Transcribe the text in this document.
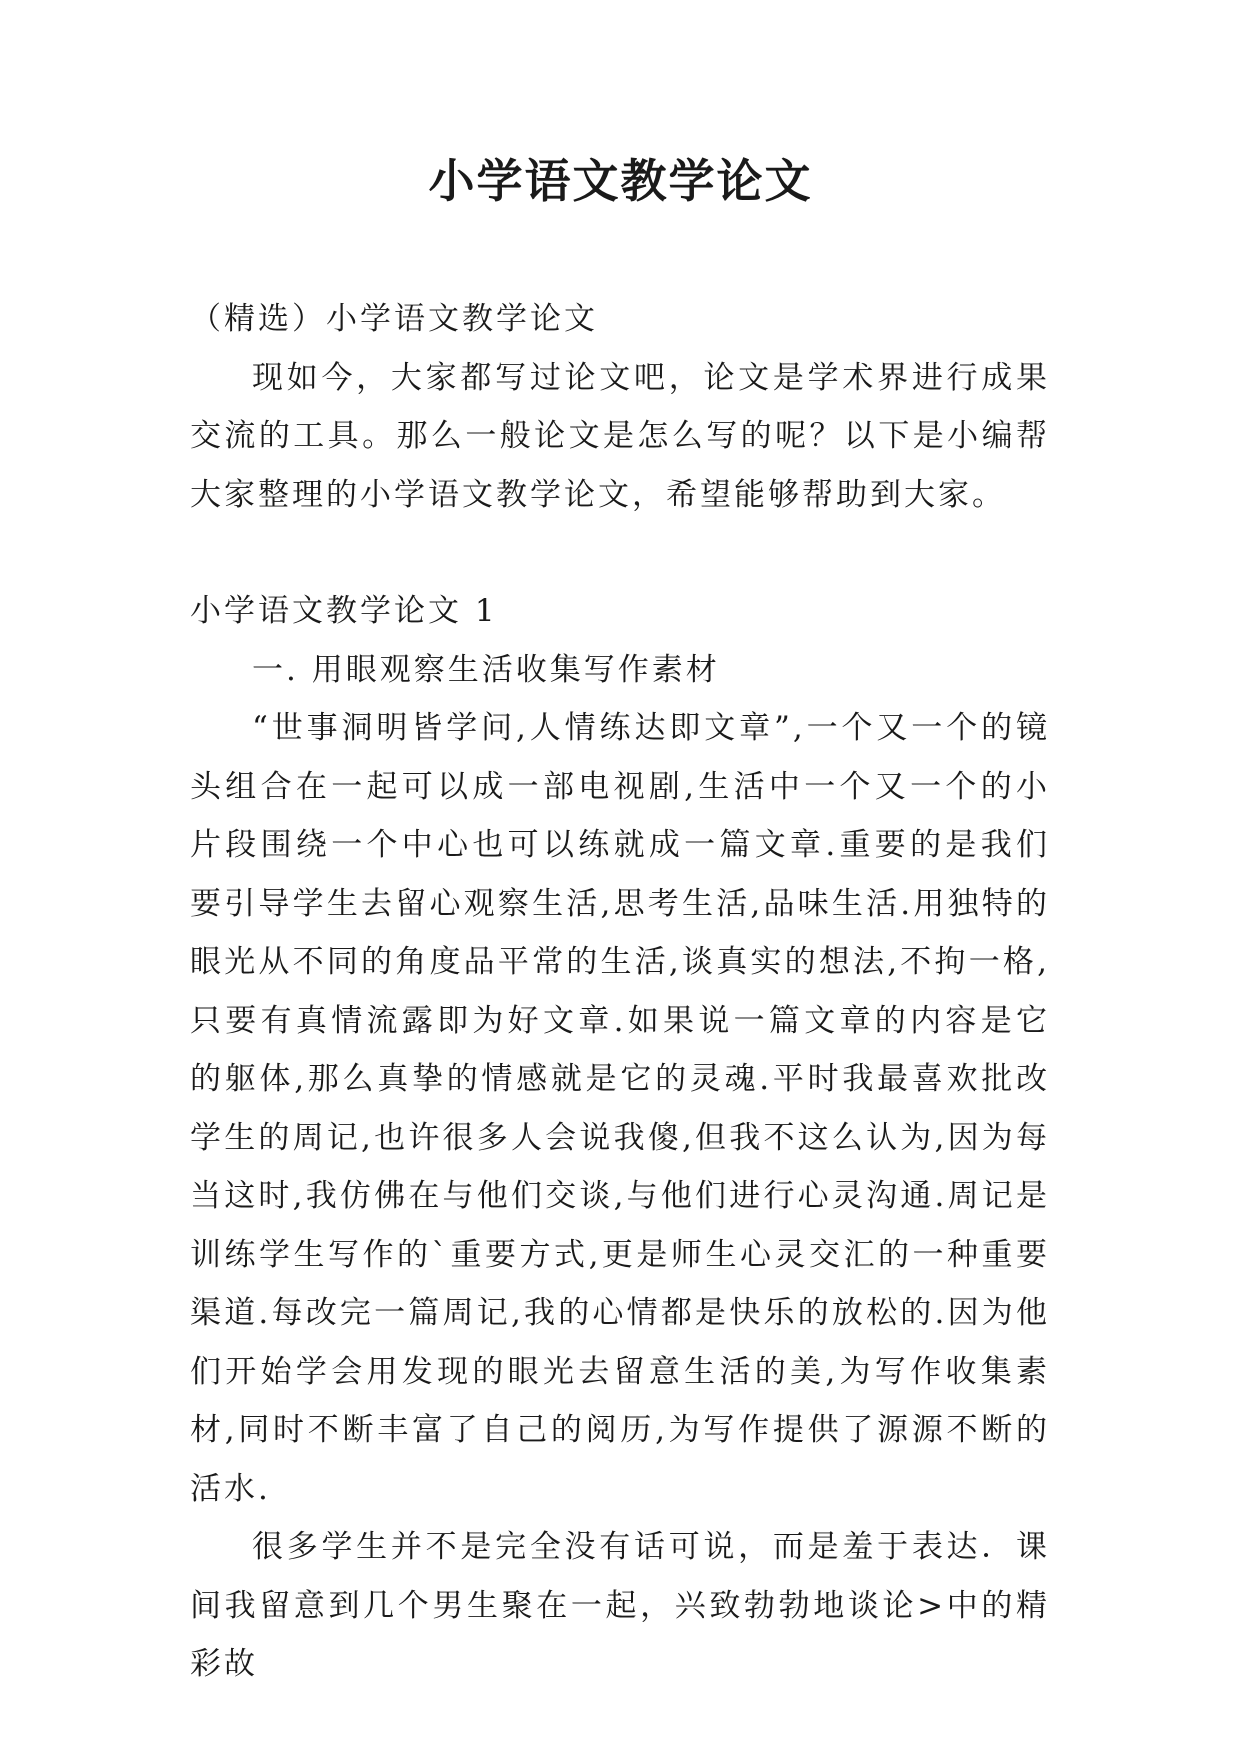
小学语文教学论文

（精选）小学语文教学论文

现如今，大家都写过论文吧，论文是学术界进行成果交流的工具。那么一般论文是怎么写的呢？以下是小编帮大家整理的小学语文教学论文，希望能够帮助到大家。

小学语文教学论文 1

一. 用眼观察生活收集写作素材

“世事洞明皆学问,人情练达即文章”,一个又一个的镜头组合在一起可以成一部电视剧,生活中一个又一个的小片段围绕一个中心也可以练就成一篇文章.重要的是我们要引导学生去留心观察生活,思考生活,品味生活.用独特的眼光从不同的角度品平常的生活,谈真实的想法,不拘一格,只要有真情流露即为好文章.如果说一篇文章的内容是它的躯体,那么真挚的情感就是它的灵魂.平时我最喜欢批改学生的周记,也许很多人会说我傻,但我不这么认为,因为每当这时,我仿佛在与他们交谈,与他们进行心灵沟通.周记是训练学生写作的`重要方式,更是师生心灵交汇的一种重要渠道.每改完一篇周记,我的心情都是快乐的放松的.因为他们开始学会用发现的眼光去留意生活的美,为写作收集素材,同时不断丰富了自己的阅历,为写作提供了源源不断的活水.

很多学生并不是完全没有话可说，而是羞于表达．课间我留意到几个男生聚在一起，兴致勃勃地谈论>中的精彩故
